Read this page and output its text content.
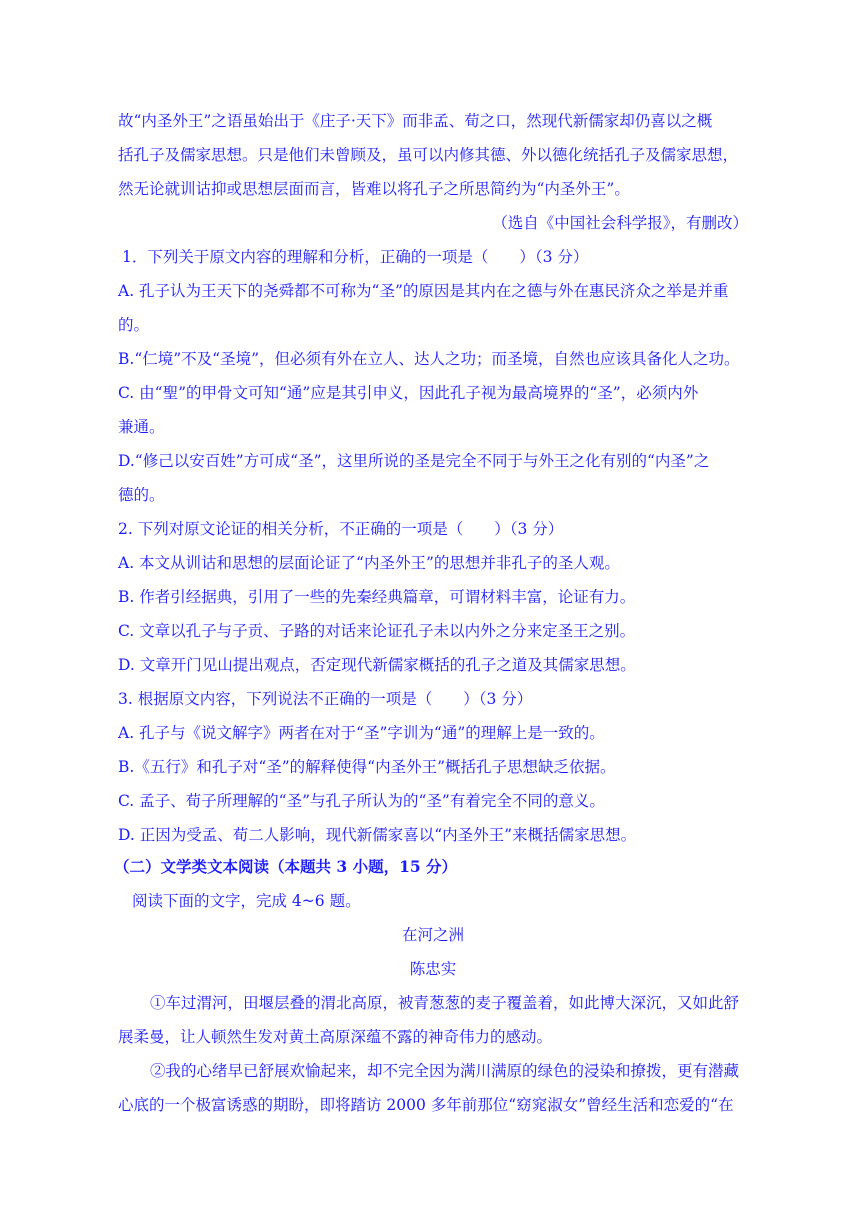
故“内圣外王”之语虽始出于《庄子·天下》而非孟、荀之口，然现代新儒家却仍喜以之概
括孔子及儒家思想。只是他们未曾顾及，虽可以内修其德、外以德化统括孔子及儒家思想，
然无论就训诂抑或思想层面而言，皆难以将孔子之所思简约为“内圣外王”。
（选自《中国社会科学报》，有删改）
1．下列关于原文内容的理解和分析，正确的一项是（　　）（3 分）
A. 孔子认为王天下的尧舜都不可称为“圣”的原因是其内在之德与外在惠民济众之举是并重
的。
B.“仁境”不及“圣境”，但必须有外在立人、达人之功；而圣境，自然也应该具备化人之功。
C. 由“聖”的甲骨文可知“通”应是其引申义，因此孔子视为最高境界的“圣”，必须内外
兼通。
D.“修己以安百姓”方可成“圣”，这里所说的圣是完全不同于与外王之化有别的“内圣”之
德的。
2. 下列对原文论证的相关分析，不正确的一项是（　　）（3 分）
A. 本文从训诂和思想的层面论证了“内圣外王”的思想并非孔子的圣人观。
B. 作者引经据典，引用了一些的先秦经典篇章，可谓材料丰富，论证有力。
C. 文章以孔子与子贡、子路的对话来论证孔子未以内外之分来定圣王之别。
D. 文章开门见山提出观点，否定现代新儒家概括的孔子之道及其儒家思想。
3. 根据原文内容，下列说法不正确的一项是（　　）（3 分）
A. 孔子与《说文解字》两者在对于“圣”字训为“通”的理解上是一致的。
B.《五行》和孔子对“圣”的解释使得“内圣外王”概括孔子思想缺乏依据。
C. 孟子、荀子所理解的“圣”与孔子所认为的“圣”有着完全不同的意义。
D. 正因为受孟、荀二人影响，现代新儒家喜以“内圣外王”来概括儒家思想。
（二）文学类文本阅读（本题共 3 小题，15 分）
阅读下面的文字，完成 4~6 题。
在河之洲
陈忠实
①车过渭河，田堰层叠的渭北高原，被青葱葱的麦子覆盖着，如此博大深沉，又如此舒
展柔曼，让人顿然生发对黄土高原深蕴不露的神奇伟力的感动。
②我的心绪早已舒展欢愉起来，却不完全因为满川满原的绿色的浸染和撩拨，更有潜藏
心底的一个极富诱惑的期盼，即将踏访 2000 多年前那位“窈窕淑女”曾经生活和恋爱的“在
